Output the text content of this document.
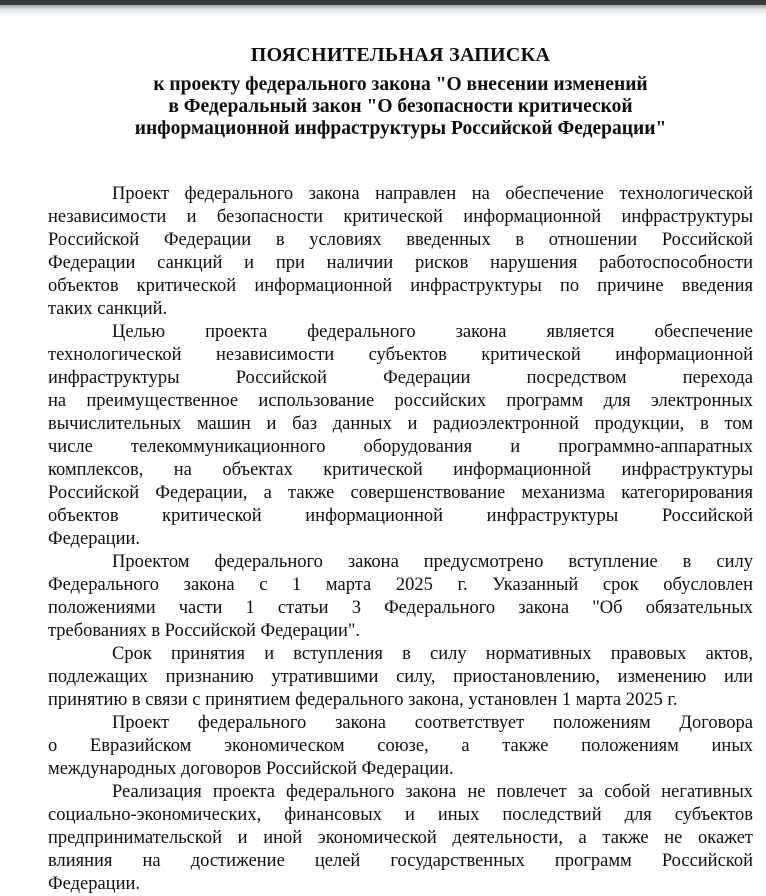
ПОЯСНИТЕЛЬНАЯ ЗАПИСКА
к проекту федерального закона "О внесении изменений
в Федеральный закон "О безопасности критической
информационной инфраструктуры Российской Федерации"
Проект федерального закона направлен на обеспечение технологической
независимости и безопасности критической информационной инфраструктуры
Российской Федерации в условиях введенных в отношении Российской
Федерации санкций и при наличии рисков нарушения работоспособности
объектов критической информационной инфраструктуры по причине введения
таких санкций.
Целью проекта федерального закона является обеспечение
технологической независимости субъектов критической информационной
инфраструктуры Российской Федерации посредством перехода
на преимущественное использование российских программ для электронных
вычислительных машин и баз данных и радиоэлектронной продукции, в том
числе телекоммуникационного оборудования и программно-аппаратных
комплексов, на объектах критической информационной инфраструктуры
Российской Федерации, а также совершенствование механизма категорирования
объектов критической информационной инфраструктуры Российской
Федерации.
Проектом федерального закона предусмотрено вступление в силу
Федерального закона с 1 марта 2025 г. Указанный срок обусловлен
положениями части 1 статьи 3 Федерального закона "Об обязательных
требованиях в Российской Федерации".
Срок принятия и вступления в силу нормативных правовых актов,
подлежащих признанию утратившими силу, приостановлению, изменению или
принятию в связи с принятием федерального закона, установлен 1 марта 2025 г.
Проект федерального закона соответствует положениям Договора
о Евразийском экономическом союзе, а также положениям иных
международных договоров Российской Федерации.
Реализация проекта федерального закона не повлечет за собой негативных
социально-экономических, финансовых и иных последствий для субъектов
предпринимательской и иной экономической деятельности, а также не окажет
влияния на достижение целей государственных программ Российской
Федерации.
